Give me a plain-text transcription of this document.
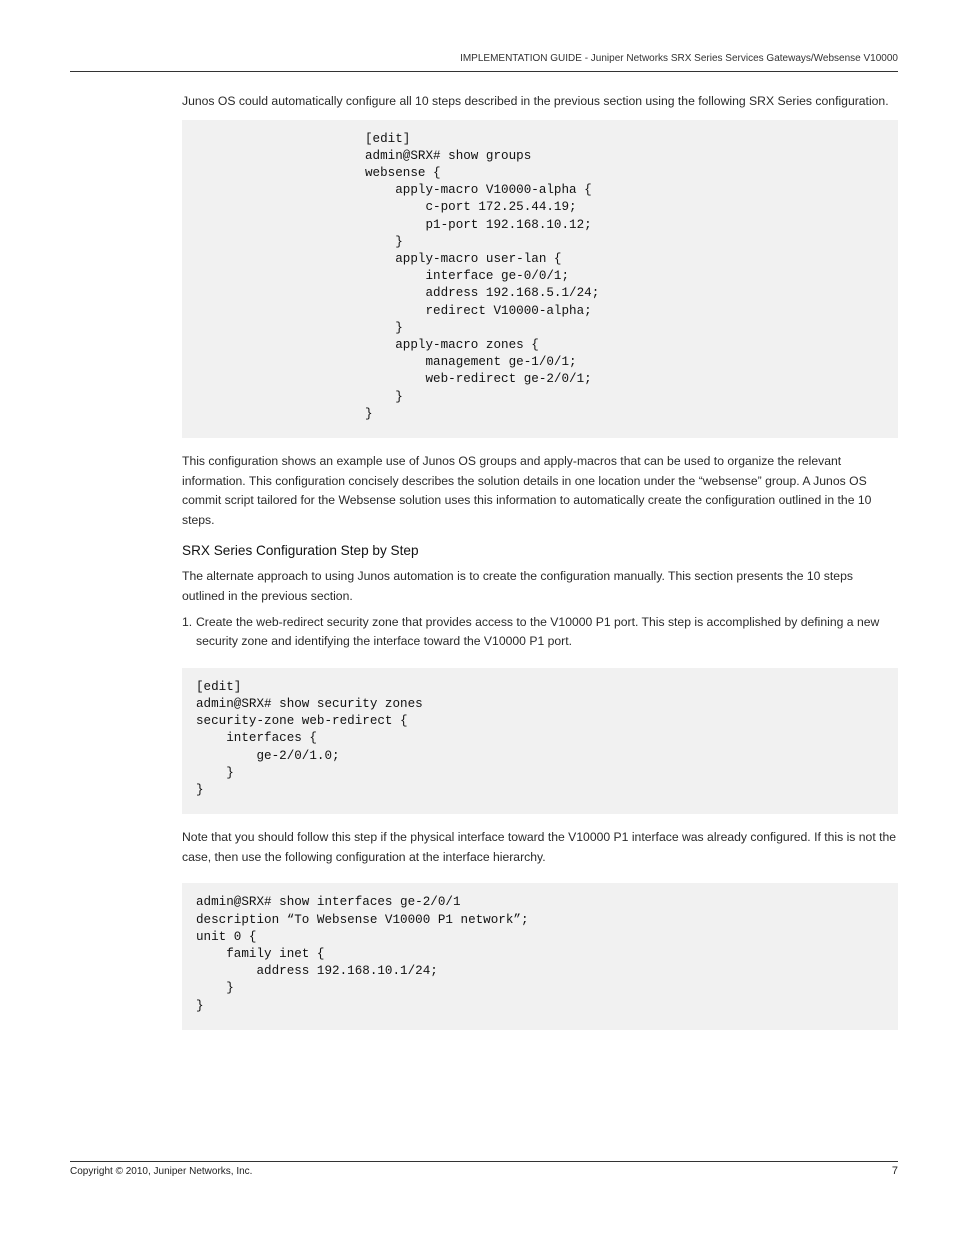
IMPLEMENTATION GUIDE - Juniper Networks SRX Series Services Gateways/Websense V10000

Junos OS could automatically configure all 10 steps described in the previous section using the following SRX Series configuration.

[edit]
admin@SRX# show groups
websense {
apply-macro V10000-alpha {
c-port 172.25.44.19;
p1-port 192.168.10.12;
}
apply-macro user-lan {
interface ge-0/0/1;
address 192.168.5.1/24;
redirect V10000-alpha;
}
apply-macro zones {
management ge-1/0/1;
web-redirect ge-2/0/1;
}
}

This configuration shows an example use of Junos OS groups and apply-macros that can be used to organize the relevant information. This configuration concisely describes the solution details in one location under the “websense” group. A Junos OS commit script tailored for the Websense solution uses this information to automatically create the configuration outlined in the 10 steps.

SRX Series Configuration Step by Step

The alternate approach to using Junos automation is to create the configuration manually. This section presents the 10 steps outlined in the previous section.

1. Create the web-redirect security zone that provides access to the V10000 P1 port. This step is accomplished by defining a new security zone and identifying the interface toward the V10000 P1 port.
[edit]
admin@SRX# show security zones
security-zone web-redirect {
interfaces {
ge-2/0/1.0;
}
}

Note that you should follow this step if the physical interface toward the V10000 P1 interface was already configured. If this is not the case, then use the following configuration at the interface hierarchy.

admin@SRX# show interfaces ge-2/0/1
description “To Websense V10000 P1 network”;
unit 0 {
family inet {
address 192.168.10.1/24;
}
}
Copyright © 2010, Juniper Networks, Inc.	7
